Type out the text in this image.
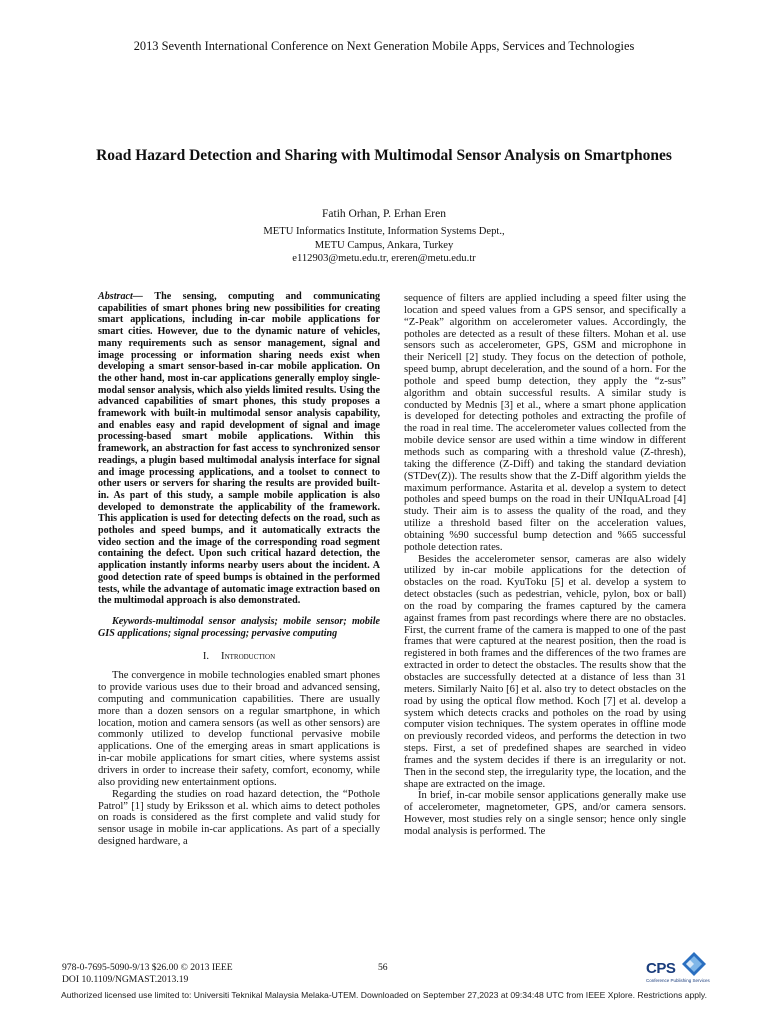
2013 Seventh International Conference on Next Generation Mobile Apps, Services and Technologies
Road Hazard Detection and Sharing with Multimodal Sensor Analysis on Smartphones
Fatih Orhan, P. Erhan Eren
METU Informatics Institute, Information Systems Dept.,
METU Campus, Ankara, Turkey
e112903@metu.edu.tr, ereren@metu.edu.tr

Abstract— The sensing, computing and communicating capabilities of smart phones bring new possibilities for creating smart applications, including in-car mobile applications for smart cities. However, due to the dynamic nature of vehicles, many requirements such as sensor management, signal and image processing or information sharing needs exist when developing a smart sensor-based in-car mobile application. On the other hand, most in-car applications generally employ single-modal sensor analysis, which also yields limited results. Using the advanced capabilities of smart phones, this study proposes a framework with built-in multimodal sensor analysis capability, and enables easy and rapid development of signal and image processing-based smart mobile applications. Within this framework, an abstraction for fast access to synchronized sensor readings, a plugin based multimodal analysis interface for signal and image processing applications, and a toolset to connect to other users or servers for sharing the results are provided built-in. As part of this study, a sample mobile application is also developed to demonstrate the applicability of the framework. This application is used for detecting defects on the road, such as potholes and speed bumps, and it automatically extracts the video section and the image of the corresponding road segment containing the defect. Upon such critical hazard detection, the application instantly informs nearby users about the incident. A good detection rate of speed bumps is obtained in the performed tests, while the advantage of automatic image extraction based on the multimodal approach is also demonstrated.

Keywords-multimodal sensor analysis; mobile sensor; mobile GIS applications; signal processing; pervasive computing

I. Introduction

The convergence in mobile technologies enabled smart phones to provide various uses due to their broad and advanced sensing, computing and communication capabilities. There are usually more than a dozen sensors on a regular smartphone, in which location, motion and camera sensors (as well as other sensors) are commonly utilized to develop functional pervasive mobile applications. One of the emerging areas in smart applications is in-car mobile applications for smart cities, where systems assist drivers in order to increase their safety, comfort, economy, while also providing new entertainment options.

Regarding the studies on road hazard detection, the “Pothole Patrol” [1] study by Eriksson et al. which aims to detect potholes on roads is considered as the first complete and valid study for sensor usage in mobile in-car applications. As part of a specially designed hardware, a

sequence of filters are applied including a speed filter using the location and speed values from a GPS sensor, and specifically a “Z-Peak” algorithm on accelerometer values. Accordingly, the potholes are detected as a result of these filters. Mohan et al. use sensors such as accelerometer, GPS, GSM and microphone in their Nericell [2] study. They focus on the detection of pothole, speed bump, abrupt deceleration, and the sound of a horn. For the pothole and speed bump detection, they apply the “z-sus” algorithm and obtain successful results. A similar study is conducted by Mednis [3] et al., where a smart phone application is developed for detecting potholes and extracting the profile of the road in real time. The accelerometer values collected from the mobile device sensor are used within a time window in different methods such as comparing with a threshold value (Z-thresh), taking the difference (Z-Diff) and taking the standard deviation (STDev(Z)). The results show that the Z-Diff algorithm yields the maximum performance. Astarita et al. develop a system to detect potholes and speed bumps on the road in their UNIquALroad [4] study. Their aim is to assess the quality of the road, and they utilize a threshold based filter on the acceleration values, obtaining %90 successful bump detection and %65 successful pothole detection rates.

Besides the accelerometer sensor, cameras are also widely utilized by in-car mobile applications for the detection of obstacles on the road. KyuToku [5] et al. develop a system to detect obstacles (such as pedestrian, vehicle, pylon, box or ball) on the road by comparing the frames captured by the camera against frames from past recordings where there are no obstacles. First, the current frame of the camera is mapped to one of the past frames that were captured at the nearest position, then the road is registered in both frames and the differences of the two frames are extracted in order to detect the obstacles. The results show that the obstacles are successfully detected at a distance of less than 31 meters. Similarly Naito [6] et al. also try to detect obstacles on the road by using the optical flow method. Koch [7] et al. develop a system which detects cracks and potholes on the road by using computer vision techniques. The system operates in offline mode on previously recorded videos, and performs the detection in two steps. First, a set of predefined shapes are searched in video frames and the system decides if there is an irregularity or not. Then in the second step, the irregularity type, the location, and the shape are extracted on the image.

In brief, in-car mobile sensor applications generally make use of accelerometer, magnetometer, GPS, and/or camera sensors. However, most studies rely on a single sensor; hence only single modal analysis is performed. The

978-0-7695-5090-9/13 $26.00 © 2013 IEEE
DOI 10.1109/NGMAST.2013.19
56	CPS
Conference Publishing Services
Authorized licensed use limited to: Universiti Teknikal Malaysia Melaka-UTEM. Downloaded on September 27,2023 at 09:34:48 UTC from IEEE Xplore. Restrictions apply.
